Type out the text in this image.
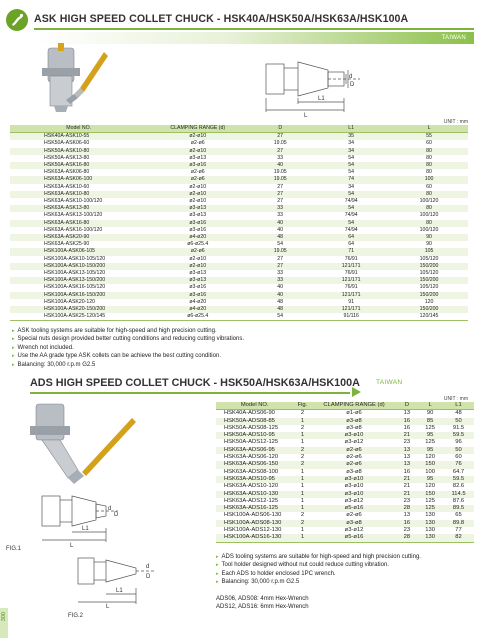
ASK HIGH SPEED COLLET CHUCK - HSK40A/HSK50A/HSK63A/HSK100A
TAIWAN
d
D
L1
L
UNIT : mm
Model NO.	CLAMPING RANGE (d)	D	L1	L
HSK40A-ASK10-55	ø2-ø10	27	35	55
HSK50A-ASK06-60	ø2-ø6	19.05	34	60
HSK50A-ASK10-80	ø2-ø10	27	34	80
HSK50A-ASK13-80	ø3-ø13	33	54	80
HSK50A-ASK16-80	ø3-ø16	40	54	80
HSK63A-ASK06-80	ø2-ø6	19.05	54	80
HSK63A-ASK06-100	ø2-ø6	19.05	74	100
HSK63A-ASK10-60	ø2-ø10	27	34	60
HSK63A-ASK10-80	ø2-ø10	27	54	80
HSK63A-ASK10-100/120	ø2-ø10	27	74/94	100/120
HSK63A-ASK13-80	ø3-ø13	33	54	80
HSK63A-ASK13-100/120	ø3-ø13	33	74/94	100/120
HSK63A-ASK16-80	ø3-ø16	40	54	80
HSK63A-ASK16-100/120	ø3-ø16	40	74/94	100/120
HSK63A-ASK20-90	ø4-ø20	48	64	90
HSK63A-ASK25-90	ø6-ø25.4	54	64	90
HSK100A-ASK06-105	ø2-ø6	19.05	71	105
HSK100A-ASK10-105/120	ø2-ø10	27	76/91	105/120
HSK100A-ASK10-150/200	ø2-ø10	27	121/171	150/200
HSK100A-ASK13-105/120	ø3-ø13	33	76/91	105/120
HSK100A-ASK13-150/200	ø3-ø13	33	121/171	150/200
HSK100A-ASK16-105/120	ø3-ø16	40	76/91	105/120
HSK100A-ASK16-150/200	ø3-ø16	40	121/171	150/200
HSK100A-ASK20-120	ø4-ø20	48	91	120
HSK100A-ASK20-150/200	ø4-ø20	48	121/171	150/200
HSK100A-ASK25-120/145	ø6-ø25.4	54	91/116	120/145
▸ ASK tooling systems are suitable for high-speed and high precision cutting.
▸ Special nuts design provided better cutting conditions and reducing cutting vibrations.
▸ Wrench not included.
▸ Use the AA grade type ASK collets can be achieve the best cutting condition.
▸ Balancing: 30,000 r.p.m G2.5
ADS HIGH SPEED COLLET CHUCK - HSK50A/HSK63A/HSK100A TAIWAN
d
D
L1
L
d
D
L1
L
FIG.1
FIG.2
300
UNIT : mm
Model NO.	Fig.	CLAMPING RANGE (d)	D	L	L1
HSK40A-ADS06-90	2	ø1-ø6	13	90	48
HSK50A-ADS08-85	1	ø3-ø8	16	85	50
HSK50A-ADS08-125	2	ø3-ø8	16	125	91.5
HSK50A-ADS10-95	1	ø3-ø10	21	95	59.5
HSK50A-ADS12-125	1	ø3-ø12	23	125	96
HSK63A-ADS06-95	2	ø2-ø6	13	95	50
HSK63A-ADS06-120	2	ø2-ø6	13	120	60
HSK63A-ADS06-150	2	ø2-ø6	13	150	76
HSK63A-ADS08-100	1	ø3-ø8	16	100	64.7
HSK63A-ADS10-95	1	ø3-ø10	21	95	59.5
HSK63A-ADS10-120	1	ø3-ø10	21	120	82.6
HSK63A-ADS10-130	1	ø3-ø10	21	150	114.5
HSK63A-ADS12-125	1	ø3-ø12	23	125	87.6
HSK63A-ADS16-125	1	ø5-ø16	28	125	89.5
HSK100A-ADS06-130	2	ø2-ø6	13	130	65
HSK100A-ADS08-130	2	ø3-ø8	16	130	89.8
HSK100A-ADS12-130	1	ø3-ø12	23	130	77
HSK100A-ADS16-130	1	ø5-ø16	28	130	82
▸ ADS tooling systems are suitable for high-speed and high precision cutting.
▸ Tool holder designed without nut could reduce cutting vibration.
▸ Each ADS to holder enclosed 1PC wrench.
▸ Balancing: 30,000 r.p.m G2.5
ADS06, ADS08: 4mm Hex-Wrench
ADS12, ADS16: 6mm Hex-Wrench
